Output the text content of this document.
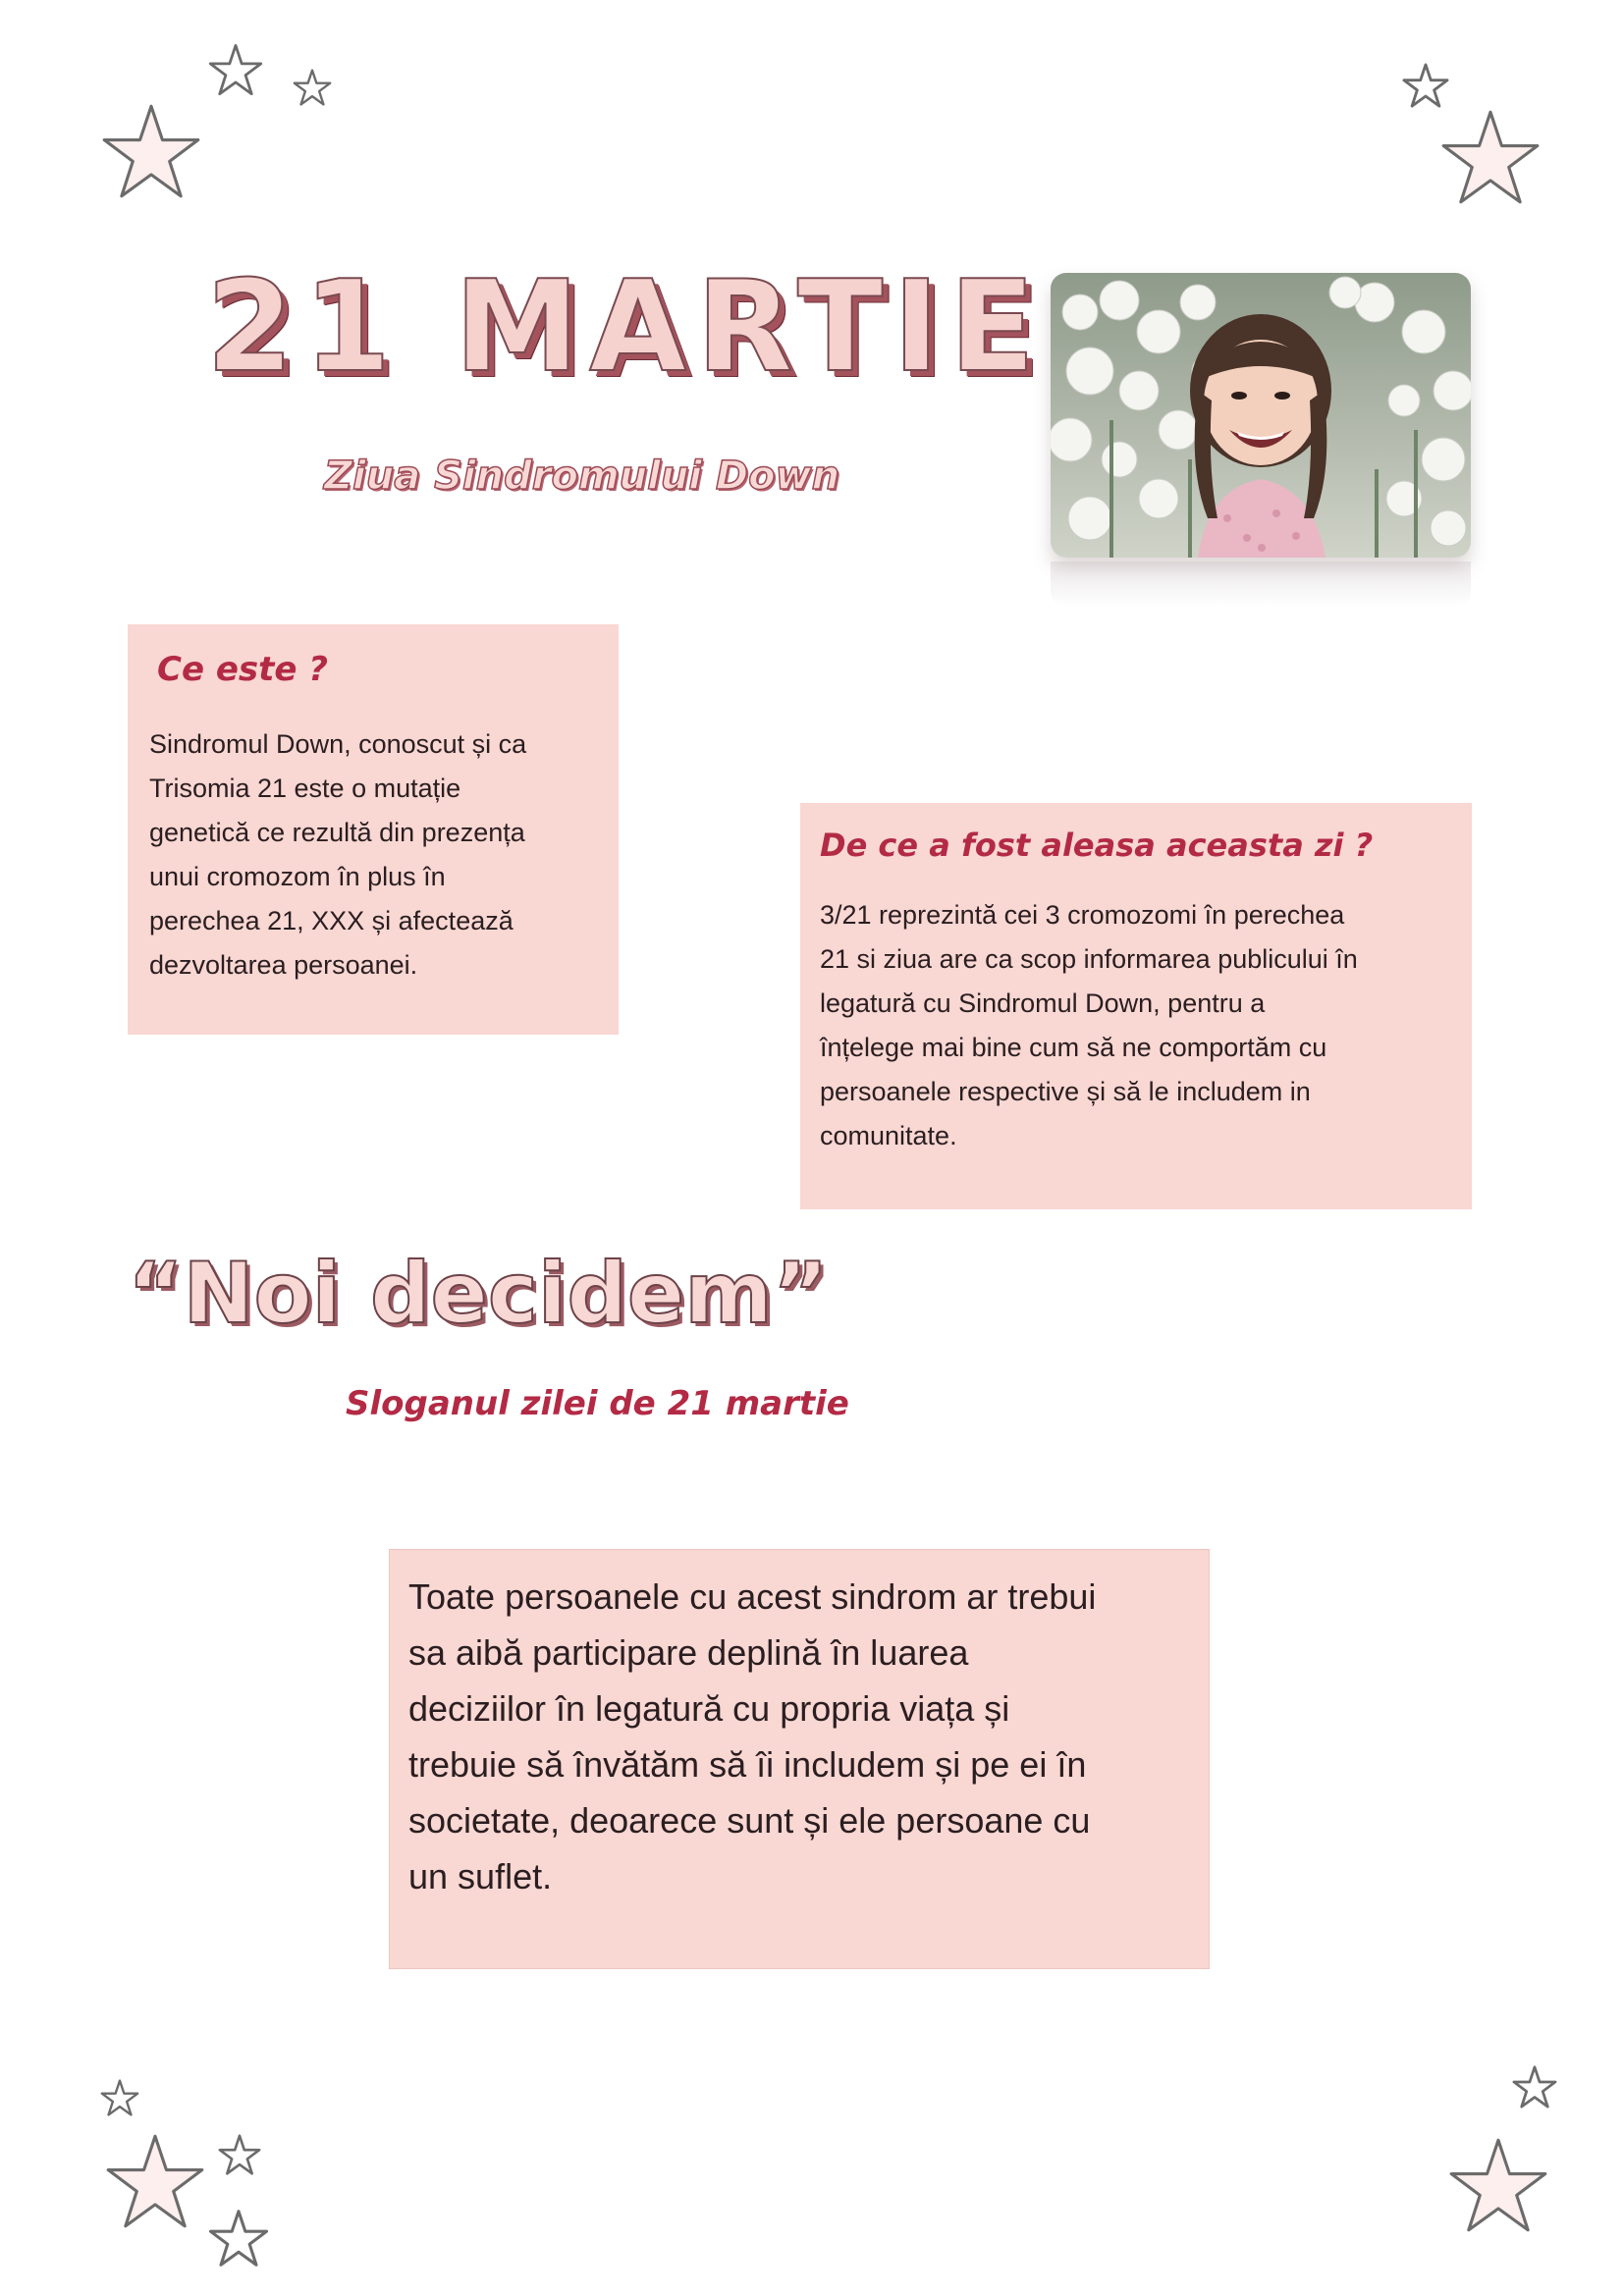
21 MARTIE

Ziua Sindromului Down

Ce este ?

Sindromul Down, conoscut și ca
Trisomia 21 este o mutație
genetică ce rezultă din prezența
unui cromozom în plus în
perechea 21, XXX și afectează
dezvoltarea persoanei.

De ce a fost aleasa aceasta zi ?

3/21 reprezintă cei 3 cromozomi în perechea
21 si ziua are ca scop informarea publicului în
legatură cu Sindromul Down, pentru a
înțelege mai bine cum să ne comportăm cu
persoanele respective și să le includem in
comunitate.

“Noi decidem”

Sloganul zilei de 21 martie

Toate persoanele cu acest sindrom ar trebui
sa aibă participare deplină în luarea
deciziilor în legatură cu propria viața și
trebuie să învătăm să îi includem și pe ei în
societate, deoarece sunt și ele persoane cu
un suflet.
